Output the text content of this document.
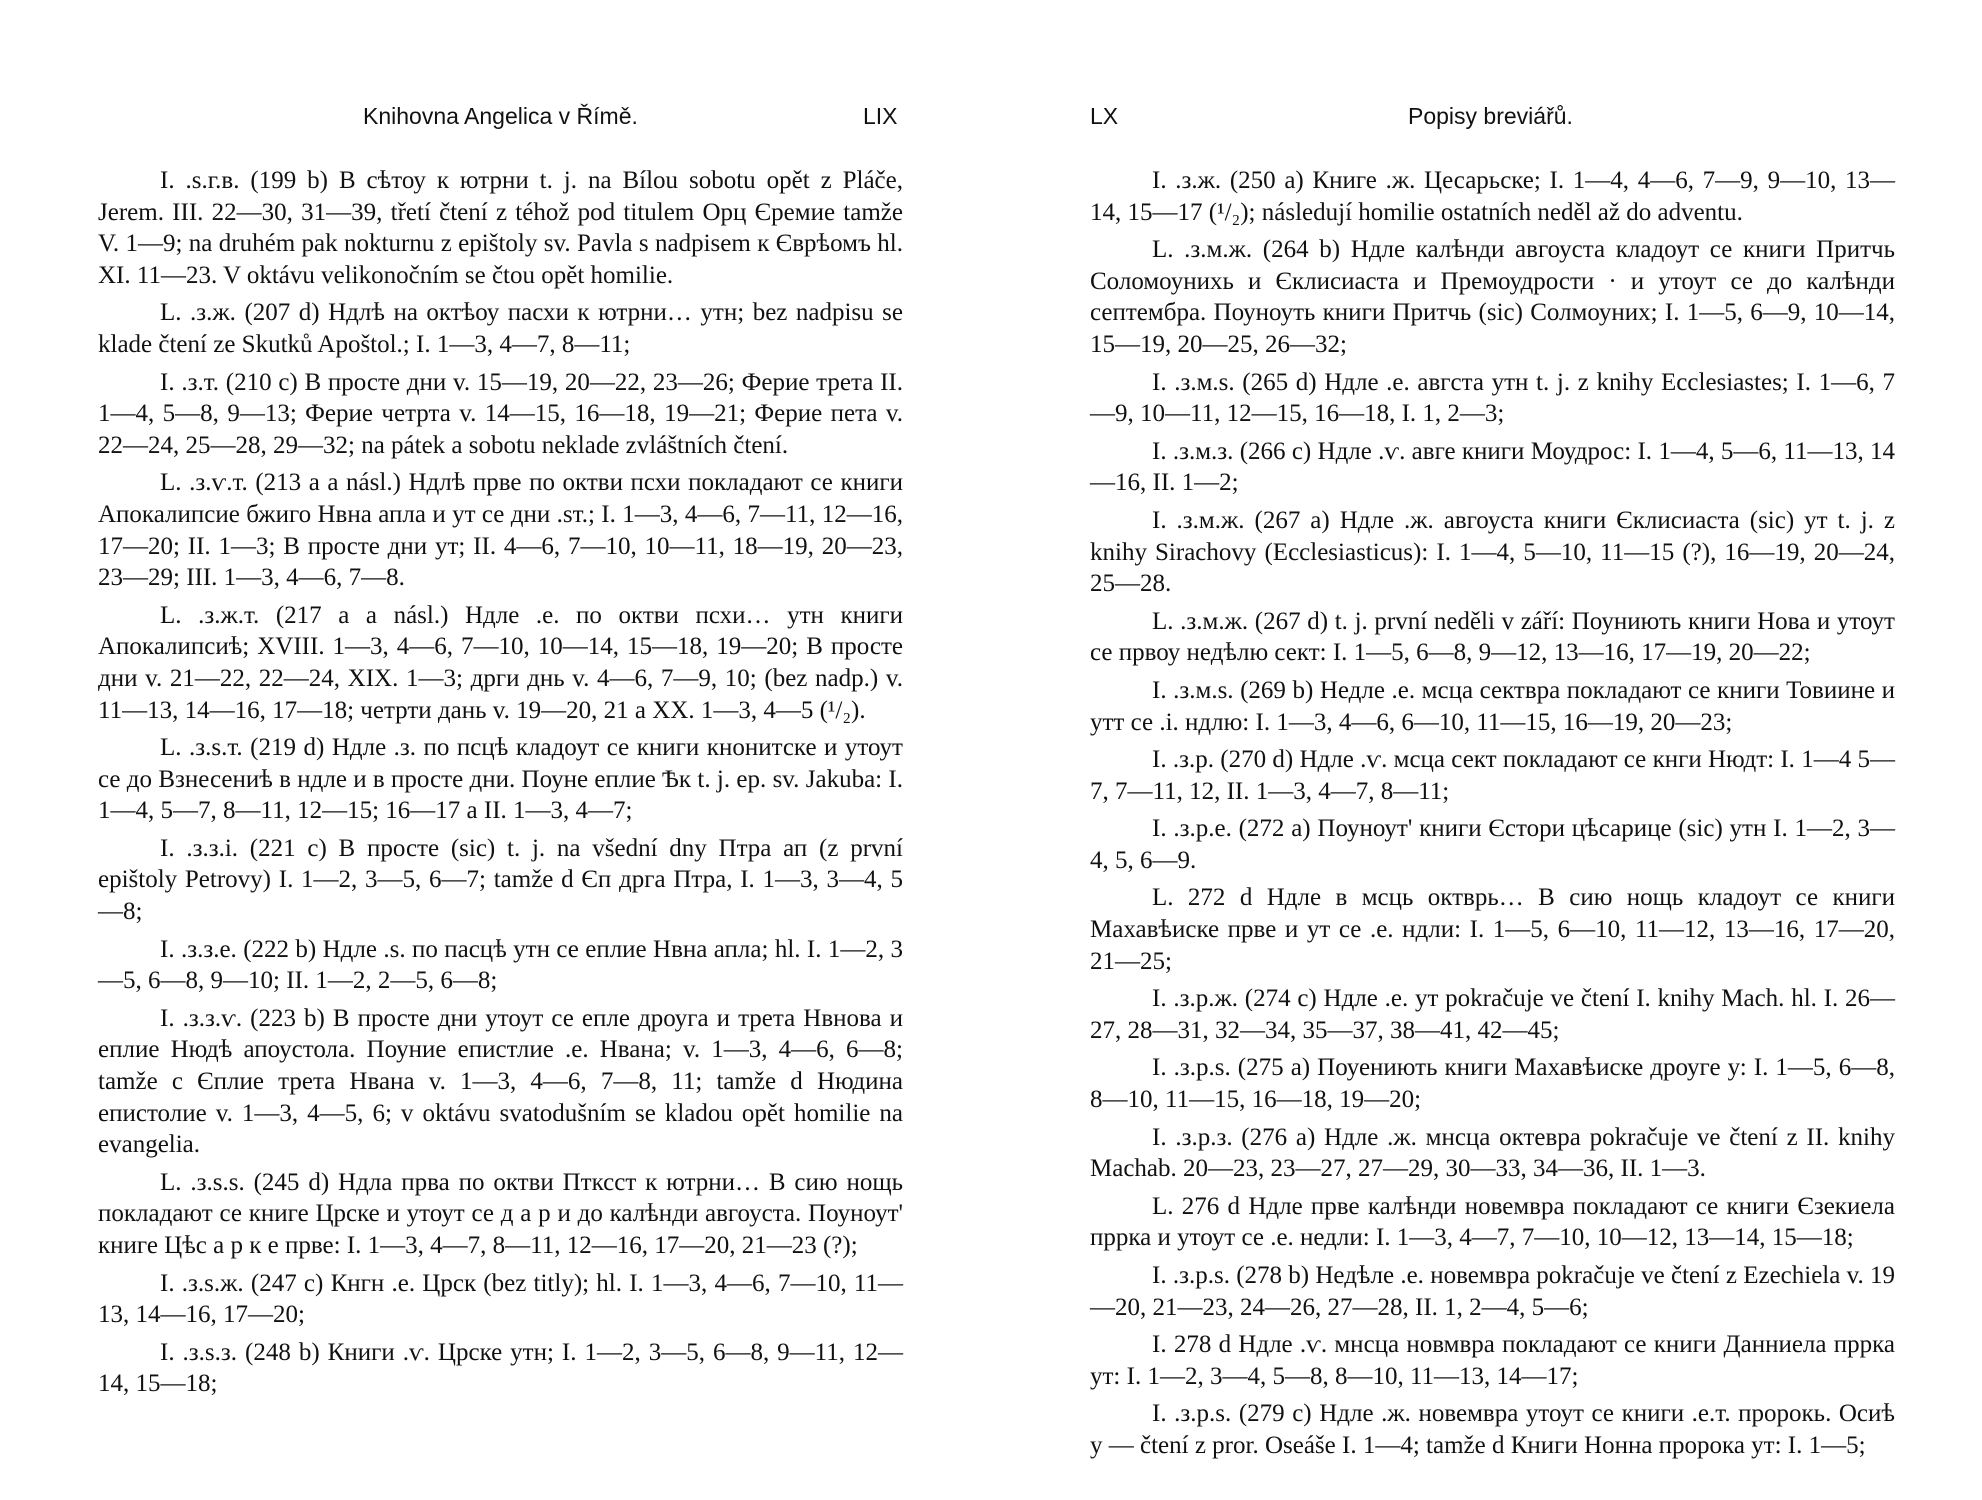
Knihovna Angelica v Římě.	LIX

I. .ѕ.г.в. (199 b) В сѣтоу к ютрни t. j. na Bílou sobotu opět z Pláče, Jerem. III. 22—30, 31—39, třetí čtení z téhož pod titulem Орц Єремие tamže V. 1—9; na druhém pak nokturnu z epištoly sv. Pavla s nadpisem к Єврѣомъ hl. XI. 11—23. V oktávu velikonočním se čtou opět homilie.

L. .з.ж. (207 d) Ндлѣ на октѣоу пасхи к ютрни… утн; bez nadpisu se klade čtení ze Skutků Apoštol.; I. 1—3, 4—7, 8—11;

I. .з.т. (210 c) В просте дни v. 15—19, 20—22, 23—26; Ферие трета II. 1—4, 5—8, 9—13; Ферие четрта v. 14—15, 16—18, 19—21; Ферие пета v. 22—24, 25—28, 29—32; na pátek a sobotu neklade zvláštních čtení.

L. .з.ѵ.т. (213 a a násl.) Ндлѣ прве по октви псхи покладают се книги Апокалипсие бжиго Нвна апла и ут се дни .ѕт.; I. 1—3, 4—6, 7—11, 12—16, 17—20; II. 1—3; В просте дни ут; II. 4—6, 7—10, 10—11, 18—19, 20—23, 23—29; III. 1—3, 4—6, 7—8.

L. .з.ж.т. (217 a a násl.) Ндле .е. по октви псхи… утн книги Апокалипсиѣ; XVIII. 1—3, 4—6, 7—10, 10—14, 15—18, 19—20; В просте дни v. 21—22, 22—24, XIX. 1—3; дрги днь v. 4—6, 7—9, 10; (bez nadp.) v. 11—13, 14—16, 17—18; четрти дань v. 19—20, 21 a XX. 1—3, 4—5 (¹/₂).

L. .з.ѕ.т. (219 d) Ндле .з. по псцѣ кладоут се книги кнонитске и утоут се до Взнесениѣ в ндле и в просте дни. Поуне еплие Ѣк t. j. ep. sv. Jakuba: I. 1—4, 5—7, 8—11, 12—15; 16—17 a II. 1—3, 4—7;

I. .з.з.і. (221 c) В просте (sic) t. j. na všední dny Птра ап (z první epištoly Petrovy) I. 1—2, 3—5, 6—7; tamže d Єп дрга Птра, I. 1—3, 3—4, 5—8;

I. .з.з.е. (222 b) Ндле .ѕ. по пасцѣ утн се еплие Нвна апла; hl. I. 1—2, 3—5, 6—8, 9—10; II. 1—2, 2—5, 6—8;

I. .з.з.ѵ. (223 b) В просте дни утоут се епле дроуга и трета Нвнова и еплие Нюдѣ апоустола. Поуние епистлие .е. Нвана; v. 1—3, 4—6, 6—8; tamže c Єплие трета Нвана v. 1—3, 4—6, 7—8, 11; tamže d Нюдина епистолие v. 1—3, 4—5, 6; v oktávu svatodušním se kladou opět homilie na evangelia.

L. .з.ѕ.ѕ. (245 d) Ндла прва по октви Птксст к ютрни… В сию нощь покладают се книге Црске и утоут се д а р и до калѣнди авгоуста. Поуноут' книге Цѣс а р к е прве: I. 1—3, 4—7, 8—11, 12—16, 17—20, 21—23 (?);

I. .з.ѕ.ж. (247 c) Кнгн .е. Црск (bez titly); hl. I. 1—3, 4—6, 7—10, 11—13, 14—16, 17—20;

I. .з.ѕ.з. (248 b) Книги .ѵ. Црске утн; I. 1—2, 3—5, 6—8, 9—11, 12—14, 15—18;

LX	Popisy breviářů.

I. .з.ж. (250 a) Книге .ж. Цесарьске; I. 1—4, 4—6, 7—9, 9—10, 13—14, 15—17 (¹/₂); následují homilie ostatních neděl až do adventu.

L. .з.м.ж. (264 b) Ндле калѣнди авгоуста кладоут се книги Притчь Соломоунихь и Єклисиаста и Премоудрости · и утоут се до калѣнди септембра. Поуноуть книги Притчь (sic) Солмоуних; I. 1—5, 6—9, 10—14, 15—19, 20—25, 26—32;

I. .з.м.ѕ. (265 d) Ндле .е. авгста утн t. j. z knihy Ecclesiastes; I. 1—6, 7—9, 10—11, 12—15, 16—18, I. 1, 2—3;

I. .з.м.з. (266 c) Ндле .ѵ. авге книги Моудрос: I. 1—4, 5—6, 11—13, 14—16, II. 1—2;

I. .з.м.ж. (267 a) Ндле .ж. авгоуста книги Єклисиаста (sic) ут t. j. z knihy Sirachovy (Ecclesiasticus): I. 1—4, 5—10, 11—15 (?), 16—19, 20—24, 25—28.

L. .з.м.ж. (267 d) t. j. první neděli v září: Поуниють книги Нова и утоут се првоу недѣлю сект: I. 1—5, 6—8, 9—12, 13—16, 17—19, 20—22;

I. .з.м.ѕ. (269 b) Недле .е. мсца сектвра покладают се книги Товиине и утт се .і. ндлю: I. 1—3, 4—6, 6—10, 11—15, 16—19, 20—23;

I. .з.р. (270 d) Ндле .ѵ. мсца сект покладают се кнги Нюдт: I. 1—4 5—7, 7—11, 12, II. 1—3, 4—7, 8—11;

I. .з.р.е. (272 a) Поуноут' книги Єстори цѣсарице (sic) утн I. 1—2, 3—4, 5, 6—9.

L. 272 d Ндле в мсць октврь… В сию нощь кладоут се книги Махавѣиске прве и ут се .е. ндли: I. 1—5, 6—10, 11—12, 13—16, 17—20, 21—25;

I. .з.р.ж. (274 c) Ндле .е. ут pokračuje ve čtení I. knihy Mach. hl. I. 26—27, 28—31, 32—34, 35—37, 38—41, 42—45;

I. .з.р.ѕ. (275 a) Поуениють книги Махавѣиске дроуге у: I. 1—5, 6—8, 8—10, 11—15, 16—18, 19—20;

I. .з.р.з. (276 a) Ндле .ж. мнсца октевра pokračuje ve čtení z II. knihy Machab. 20—23, 23—27, 27—29, 30—33, 34—36, II. 1—3.

L. 276 d Ндле прве калѣнди новемвра покладают се книги Єзекиела пррка и утоут се .е. недли: I. 1—3, 4—7, 7—10, 10—12, 13—14, 15—18;

I. .з.р.ѕ. (278 b) Недѣле .е. новемвра pokračuje ve čtení z Ezechiela v. 19—20, 21—23, 24—26, 27—28, II. 1, 2—4, 5—6;

I. 278 d Ндле .ѵ. мнсца новмвра покладают се книги Данниела пррка ут: I. 1—2, 3—4, 5—8, 8—10, 11—13, 14—17;

I. .з.р.ѕ. (279 c) Ндле .ж. новемвра утоут се книги .е.т. пророкь. Осиѣ у — čtení z pror. Oseáše I. 1—4; tamže d Книги Нонна пророка ут: I. 1—5;
